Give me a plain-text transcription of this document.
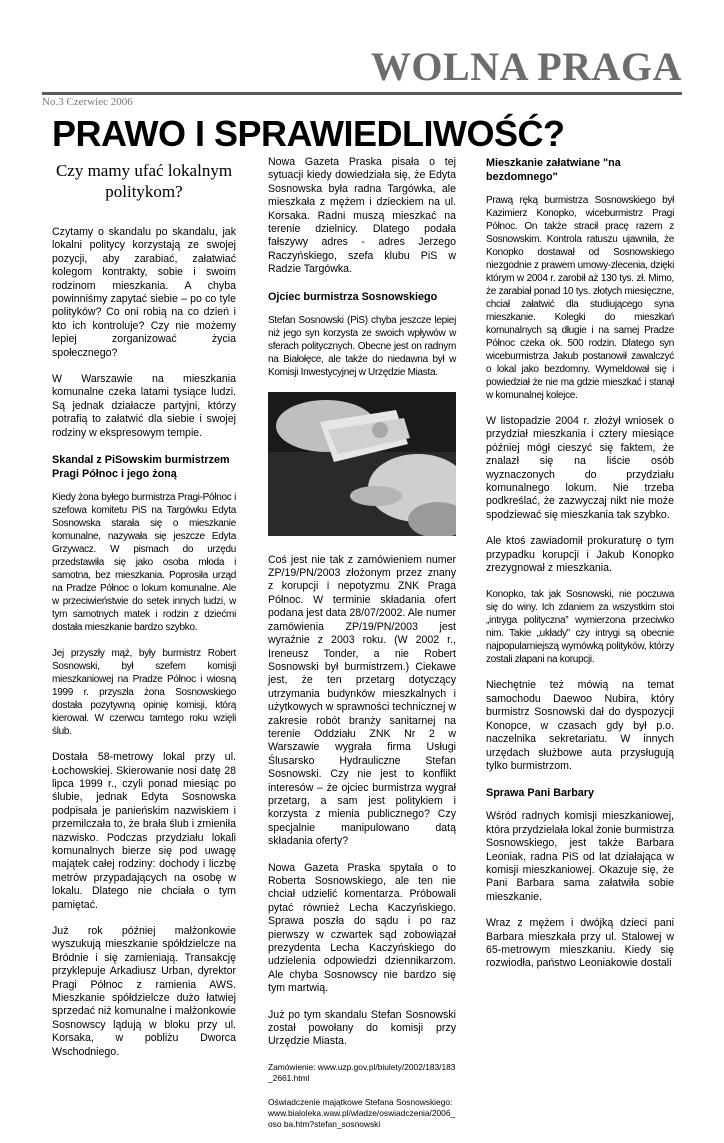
WOLNA PRAGA
No.3 Czerwiec 2006
PRAWO I SPRAWIEDLIWOŚĆ?
Czy mamy ufać lokalnym politykom?

Czytamy o skandalu po skandalu, jak lokalni politycy korzystają ze swojej pozycji, aby zarabiać, załatwiać kolegom kontrakty, sobie i swoim rodzinom mieszkania. A chyba powinniśmy zapytać siebie – po co tyle polityków? Co oni robią na co dzień i kto ich kontroluje? Czy nie możemy lepiej zorganizować życia społecznego?

W Warszawie na mieszkania komunalne czeka latami tysiące ludzi. Są jednak działacze partyjni, którzy potrafią to załatwić dla siebie i swojej rodziny w ekspresowym tempie.

Skandal z PiSowskim burmistrzem Pragi Północ i jego żoną

Kiedy żona byłego burmistrza Pragi-Północ i szefowa komitetu PiS na Targówku Edyta Sosnowska starała się o mieszkanie komunalne, nazywała się jeszcze Edyta Grzywacz. W pismach do urzędu przedstawiła się jako osoba młoda i samotna, bez mieszkania. Poprosiła urząd na Pradze Północ o lokum komunalne. Ale w przeciwieństwie do setek innych ludzi, w tym samotnych matek i rodzin z dziećmi dostała mieszkanie bardzo szybko.

Jej przyszły mąż, były burmistrz Robert Sosnowski, był szefem komisji mieszkaniowej na Pradze Północ i wiosną 1999 r. przyszła żona Sosnowskiego dostała pozytywną opinię komisji, którą kierował. W czerwcu tamtego roku wzięli ślub.

Dostała 58-metrowy lokal przy ul. Łochowskiej. Skierowanie nosi datę 28 lipca 1999 r., czyli ponad miesiąc po ślubie, jednak Edyta Sosnowska podpisała je panieńskim nazwiskiem i przemilczała to, że brała ślub i zmieniła nazwisko. Podczas przydziału lokali komunalnych bierze się pod uwagę majątek całej rodziny: dochody i liczbę metrów przypadających na osobę w lokalu. Dlatego nie chciała o tym pamiętać.

Już rok później małżonkowie wyszukują mieszkanie spółdzielcze na Bródnie i się zamieniają. Transakcję przyklepuje Arkadiusz Urban, dyrektor Pragi Północ z ramienia AWS. Mieszkanie spółdzielcze dużo łatwiej sprzedać niż komunalne i małżonkowie Sosnowscy lądują w bloku przy ul. Korsaka, w pobliżu Dworca Wschodniego.

Nowa Gazeta Praska pisała o tej sytuacji kiedy dowiedziała się, że Edyta Sosnowska była radna Targówka, ale mieszkała z mężem i dzieckiem na ul. Korsaka. Radni muszą mieszkać na terenie dzielnicy. Dlatego podała fałszywy adres - adres Jerzego Raczyńskiego, szefa klubu PiS w Radzie Targówka.

Ojciec burmistrza Sosnowskiego

Stefan Sosnowski (PiS) chyba jeszcze lepiej niż jego syn korzysta ze swoich wpływów w sferach politycznych. Obecne jest on radnym na Białołęce, ale także do niedawna był w Komisji Inwestycyjnej w Urzędzie Miasta.

Coś jest nie tak z zamówieniem numer ZP/19/PN/2003 złożonym przez znany z korupcji i nepotyzmu ZNK Praga Północ. W terminie składania ofert podana jest data 28/07/2002. Ale numer zamówienia ZP/19/PN/2003 jest wyraźnie z 2003 roku. (W 2002 r., Ireneusz Tonder, a nie Robert Sosnowski był burmistrzem.) Ciekawe jest, że ten przetarg dotyczący utrzymania budynków mieszkalnych i użytkowych w sprawności technicznej w zakresie robót branży sanitarnej na terenie Oddziału ZNK Nr 2 w Warszawie wygrała firma Usługi Ślusarsko Hydrauliczne Stefan Sosnowski. Czy nie jest to konflikt interesów – że ojciec burmistrza wygrał przetarg, a sam jest politykiem i korzysta z mienia publicznego? Czy specjalnie manipulowano datą składania oferty?

Nowa Gazeta Praska spytała o to Roberta Sosnowskiego, ale ten nie chciał udzielić komentarza. Próbowali pytać również Lecha Kaczyńskiego. Sprawa poszła do sądu i po raz pierwszy w czwartek sąd zobowiązał prezydenta Lecha Kaczyńskiego do udzielenia odpowiedzi dziennikarzom. Ale chyba Sosnowscy nie bardzo się tym martwią.

Już po tym skandalu Stefan Sosnowski został powołany do komisji przy Urzędzie Miasta.

Zamówienie: www.uzp.gov.pl/biulety/2002/183/183_2661.html

Oświadczenie majątkowe Stefana Sosnowskiego: www.bialoleka.waw.pl/wladze/oswiadczenia/2006_oso ba.htm?stefan_sosnowski

Mieszkanie załatwiane "na bezdomnego"

Prawą ręką burmistrza Sosnowskiego był Kazimierz Konopko, wiceburmistrz Pragi Północ. On także stracił pracę razem z Sosnowskim. Kontrola ratuszu ujawniła, że Konopko dostawał od Sosnowskiego niezgodnie z prawem umowy-zlecenia, dzięki którym w 2004 r. zarobił aż 130 tys. zł. Mimo, że zarabiał ponad 10 tys. złotych miesięczne, chciał załatwić dla studiującego syna mieszkanie. Kolegki do mieszkań komunalnych są długie i na samej Pradze Północ czeka ok. 500 rodzin. Dlatego syn wiceburmistrza Jakub postanowił zawalczyć o lokal jako bezdomny. Wymeldował się i powiedział że nie ma gdzie mieszkać i stanął w komunalnej kolejce.

W listopadzie 2004 r. złożył wniosek o przydział mieszkania i cztery miesiące później mógł cieszyć się faktem, że znalazł się na liście osób wyznaczonych do przydziału komunalnego lokum. Nie trzeba podkreślać, że zazwyczaj nikt nie może spodziewać się mieszkania tak szybko.

Ale ktoś zawiadomił prokuraturę o tym przypadku korupcji i Jakub Konopko zrezygnował z mieszkania.

Konopko, tak jak Sosnowski, nie poczuwa się do winy. Ich zdaniem za wszystkim stoi „intryga polityczna” wymierzona przeciwko nim. Takie „układy” czy intrygi są obecnie najpopularniejszą wymówką polityków, którzy zostali złapani na korupcji.

Niechętnie też mówią na temat samochodu Daewoo Nubira, który burmistrz Sosnowski dał do dyspozycji Konopce, w czasach gdy był p.o. naczelnika sekretariatu. W innych urzędach służbowe auta przysługują tylko burmistrzom.

Sprawa Pani Barbary

Wśród radnych komisji mieszkaniowej, która przydzielała lokal żonie burmistrza Sosnowskiego, jest także Barbara Leoniak, radna PiS od lat działająca w komisji mieszkaniowej. Okazuje się, że Pani Barbara sama załatwiła sobie mieszkanie.

Wraz z mężem i dwójką dzieci pani Barbara mieszkała przy ul. Stalowej w 65-metrowym mieszkaniu. Kiedy się rozwiodła, państwo Leoniakowie dostali
